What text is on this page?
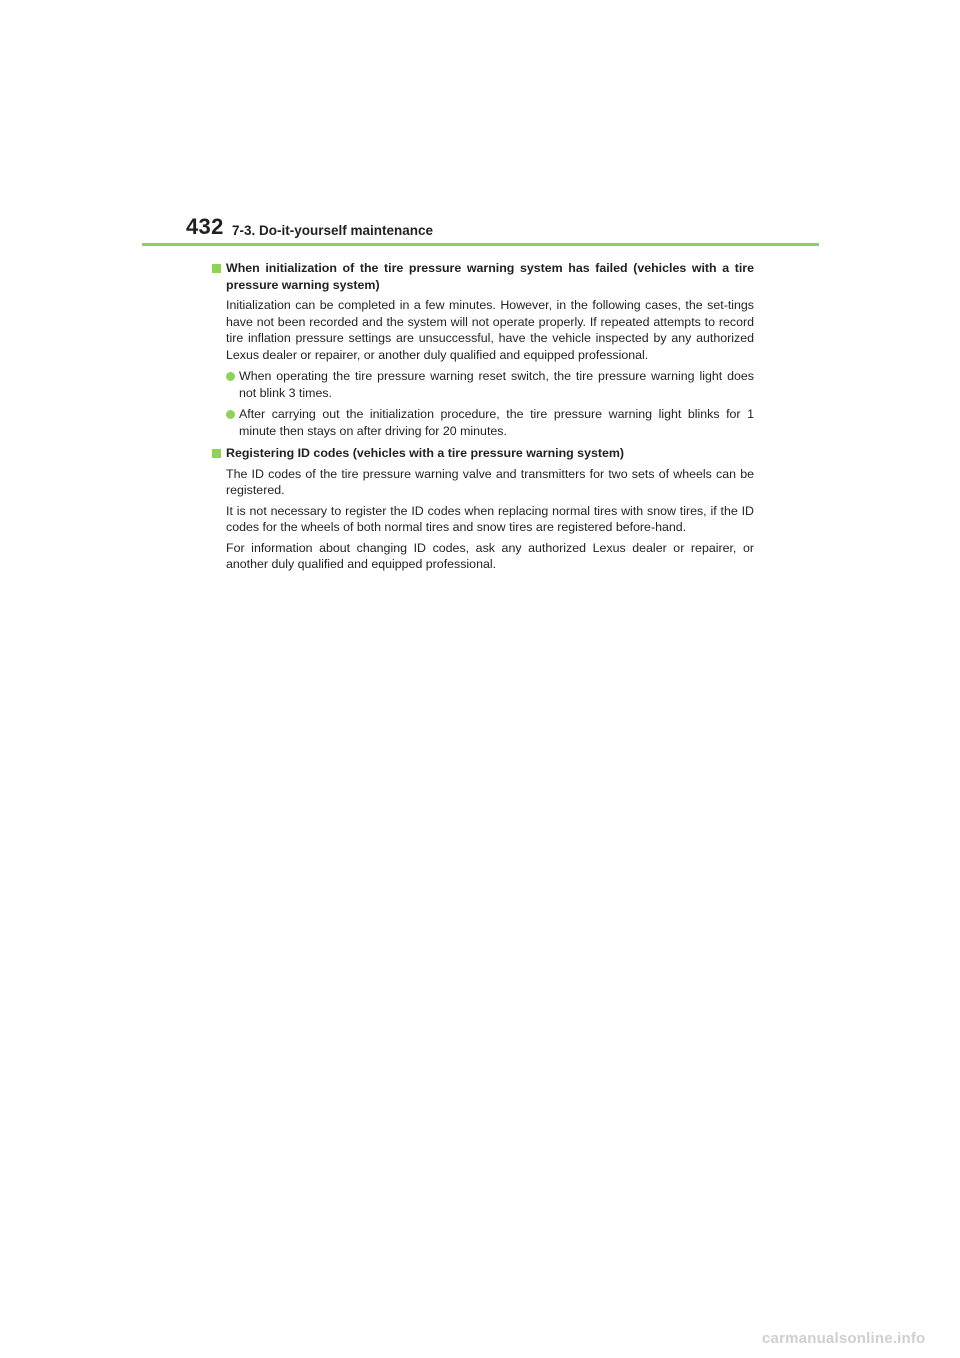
432 7-3. Do-it-yourself maintenance
When initialization of the tire pressure warning system has failed (vehicles with a tire pressure warning system)
Initialization can be completed in a few minutes. However, in the following cases, the set-tings have not been recorded and the system will not operate properly. If repeated attempts to record tire inflation pressure settings are unsuccessful, have the vehicle inspected by any authorized Lexus dealer or repairer, or another duly qualified and equipped professional.
When operating the tire pressure warning reset switch, the tire pressure warning light does not blink 3 times.
After carrying out the initialization procedure, the tire pressure warning light blinks for 1 minute then stays on after driving for 20 minutes.
Registering ID codes (vehicles with a tire pressure warning system)
The ID codes of the tire pressure warning valve and transmitters for two sets of wheels can be registered.
It is not necessary to register the ID codes when replacing normal tires with snow tires, if the ID codes for the wheels of both normal tires and snow tires are registered before-hand.
For information about changing ID codes, ask any authorized Lexus dealer or repairer, or another duly qualified and equipped professional.
carmanualsonline.info
